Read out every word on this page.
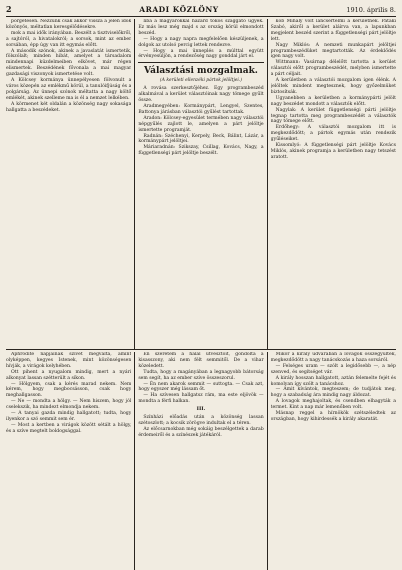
2	ARADI KÖZLÖNY	1910. április 8.

porgetésen. Nezzunk csak akkor vissza a jelen idők közönyös, méltatlan keresgélődésekre.

mok a mai idők irányában. Beszélt a tisztviselőkről, a sajtóról, a hivatalokról; a sorsok, mint az ember sorsában, épp úgy van itt egymás előtt.

A második szónok, akinek a javaslatát ismertetik, fölszólalt; minden hibát, amelyet a társadalom mindennapi küzdelmeiben elkövet, már régen elismertek. Beszédének fővonala a mai magyar gazdasági viszonyok ismertetése volt.

A Kölcsey kormánya ünnepélyesen fölvonult a város közepén az emlékmű körül, a tanulóifjúság és a polgárság. Az ünnepi szónok méltatta a nagy költő emlékét, akinek szelleme ma is él a nemzet lelkében.

A körmenet két oldalán a közönség nagy sokasága hallgatta a beszédeket.

líba a magyarokkal hazárd tokos szaggató ügyek. Ez más lesz még majd s az ország körül elmondott beszéd.

— Hogy a nagy napra megfelelően készüljenek, a dolgok az utolsó percig lettek rendezve.

— Hogy a mai ünneplés a múlttal együtt érvényesüljön, a rendezőség nagy gonddal járt el.

Választási mozgalmak.
(A kerületi ellenzéki pártok jelöltjei.)

A rovása szerkesztőjéhez. Egy programbeszéd alkalmával a kerület választóinak nagy tömege gyűlt össze.

Aradmegyében: Kormánypárt, Lengyel, Szentes, Battonya járásban választói gyűlést tartottak.

Aradon: Kölcsey-egyesület termében nagy választói népgyűlés zajlott le, amelyen a párt jelöltje ismertette programját.

Radnán: Széchenyi, Kerpely, Beck, Bálint, Lázár, a kormánypárt jelöltjei.

Máriaradnán: Szikszay, Csillag, Kovács, Nagy, a függetlenségi párt jelöltje beszélt.

kob Mihály volt lancsértelmi a kerületnek. Pataki Szabó, akiről a kerület aláírva van, a lapunkban megjelent beszéd szerint a függetlenségi párt jelöltje lett.

Nagy Miklós: A nemzeti munkapárt jelöltjei programbeszédüket megtartották. Az érdeklődés igen nagy volt.

Wittmann: Vasárnap délelőtt tartotta a kerület választói előtt programbeszédét, melyben ismertette a párt céljait.

A kerületben a választói mozgalom igen élénk. A jelöltek mindent megtesznek, hogy győzelmüket biztosítsák.

Ugyanebben a kerületben a kormánypárti jelölt nagy beszédet mondott a választók előtt.

Nagylak: A kerület függetlenségi párti jelöltje tegnap tartotta meg programbeszédét a választók nagy tömege előtt.

Erdőhegy: A választói mozgalom itt is megkezdődött; a pártok egymás után rendezik gyűléseiket.

Kissomlyó: A függetlenségi párt jelöltje Kovács Miklós, akinek programja a kerületben nagy tetszést aratott.

Aphrodite napjainak szívét megválta, amint olyképpen, kegyes Istenek, mint közönségesen hívják, a virágok kelyhében.

Ott pihent a nyugalom mindig, mert a nyári alkonyat lassan szétterült a síkon.

— Hölgyem, csak a kérés marad nekem. Nem kérem, hogy megbocsásson, csak hogy meghallgasson.

— Ne — mondta a hölgy. — Nem hiszem, hogy jól cselekszik, ha mindezt elmondja nekem.

— A tanyai gazda mindig hallgatott; tudta, hogy ilyenkor a szó semmit sem ér.

— Most a kertben a virágok között sétált a hölgy, és a szíve megtelt boldogsággal.

Én szeretem a halál útvesztőit, gondolta a kisasszony, aki nem félt semmitől. De a vihar közeledett.

Tudta, hogy a magányában a legnagyobb bátorság sem segít, ha az ember szíve összeszorul.

— Én nem akarok semmit — suttogta. — Csak azt, hogy egyszer még lássam őt.

— Ha szívesen hallgatsz rám, ma este eljövök — mondta a férfi halkan.

III.

Színházi előadás után a közönség lassan szétoszlott; a kocsik zörögve indultak el a téren.

Az előcsarnokban még sokáig beszélgettek a darab érdemeiről és a színészek játékáról.

Mikor a király udvarában a lovagok összegyűltek, megkezdődött a nagy tanácskozás a haza sorsáról.

— Felséges uram — szólt a legidősebb —, a nép szenved, és segítséget vár.

A király hosszan hallgatott, aztán felemelte fejét és komolyan így szólt a tanácshoz.

— Amit kívántok, megteszem; de tudjátok meg, hogy a szabadság ára mindig nagy áldozat.

A lovagok meghajoltak, és csendben elhagyták a termet. Kint a nap már lemenőben volt.

Másnap reggel a hírnökök szétszéledtek az országban, hogy kihirdessék a király akaratát.
